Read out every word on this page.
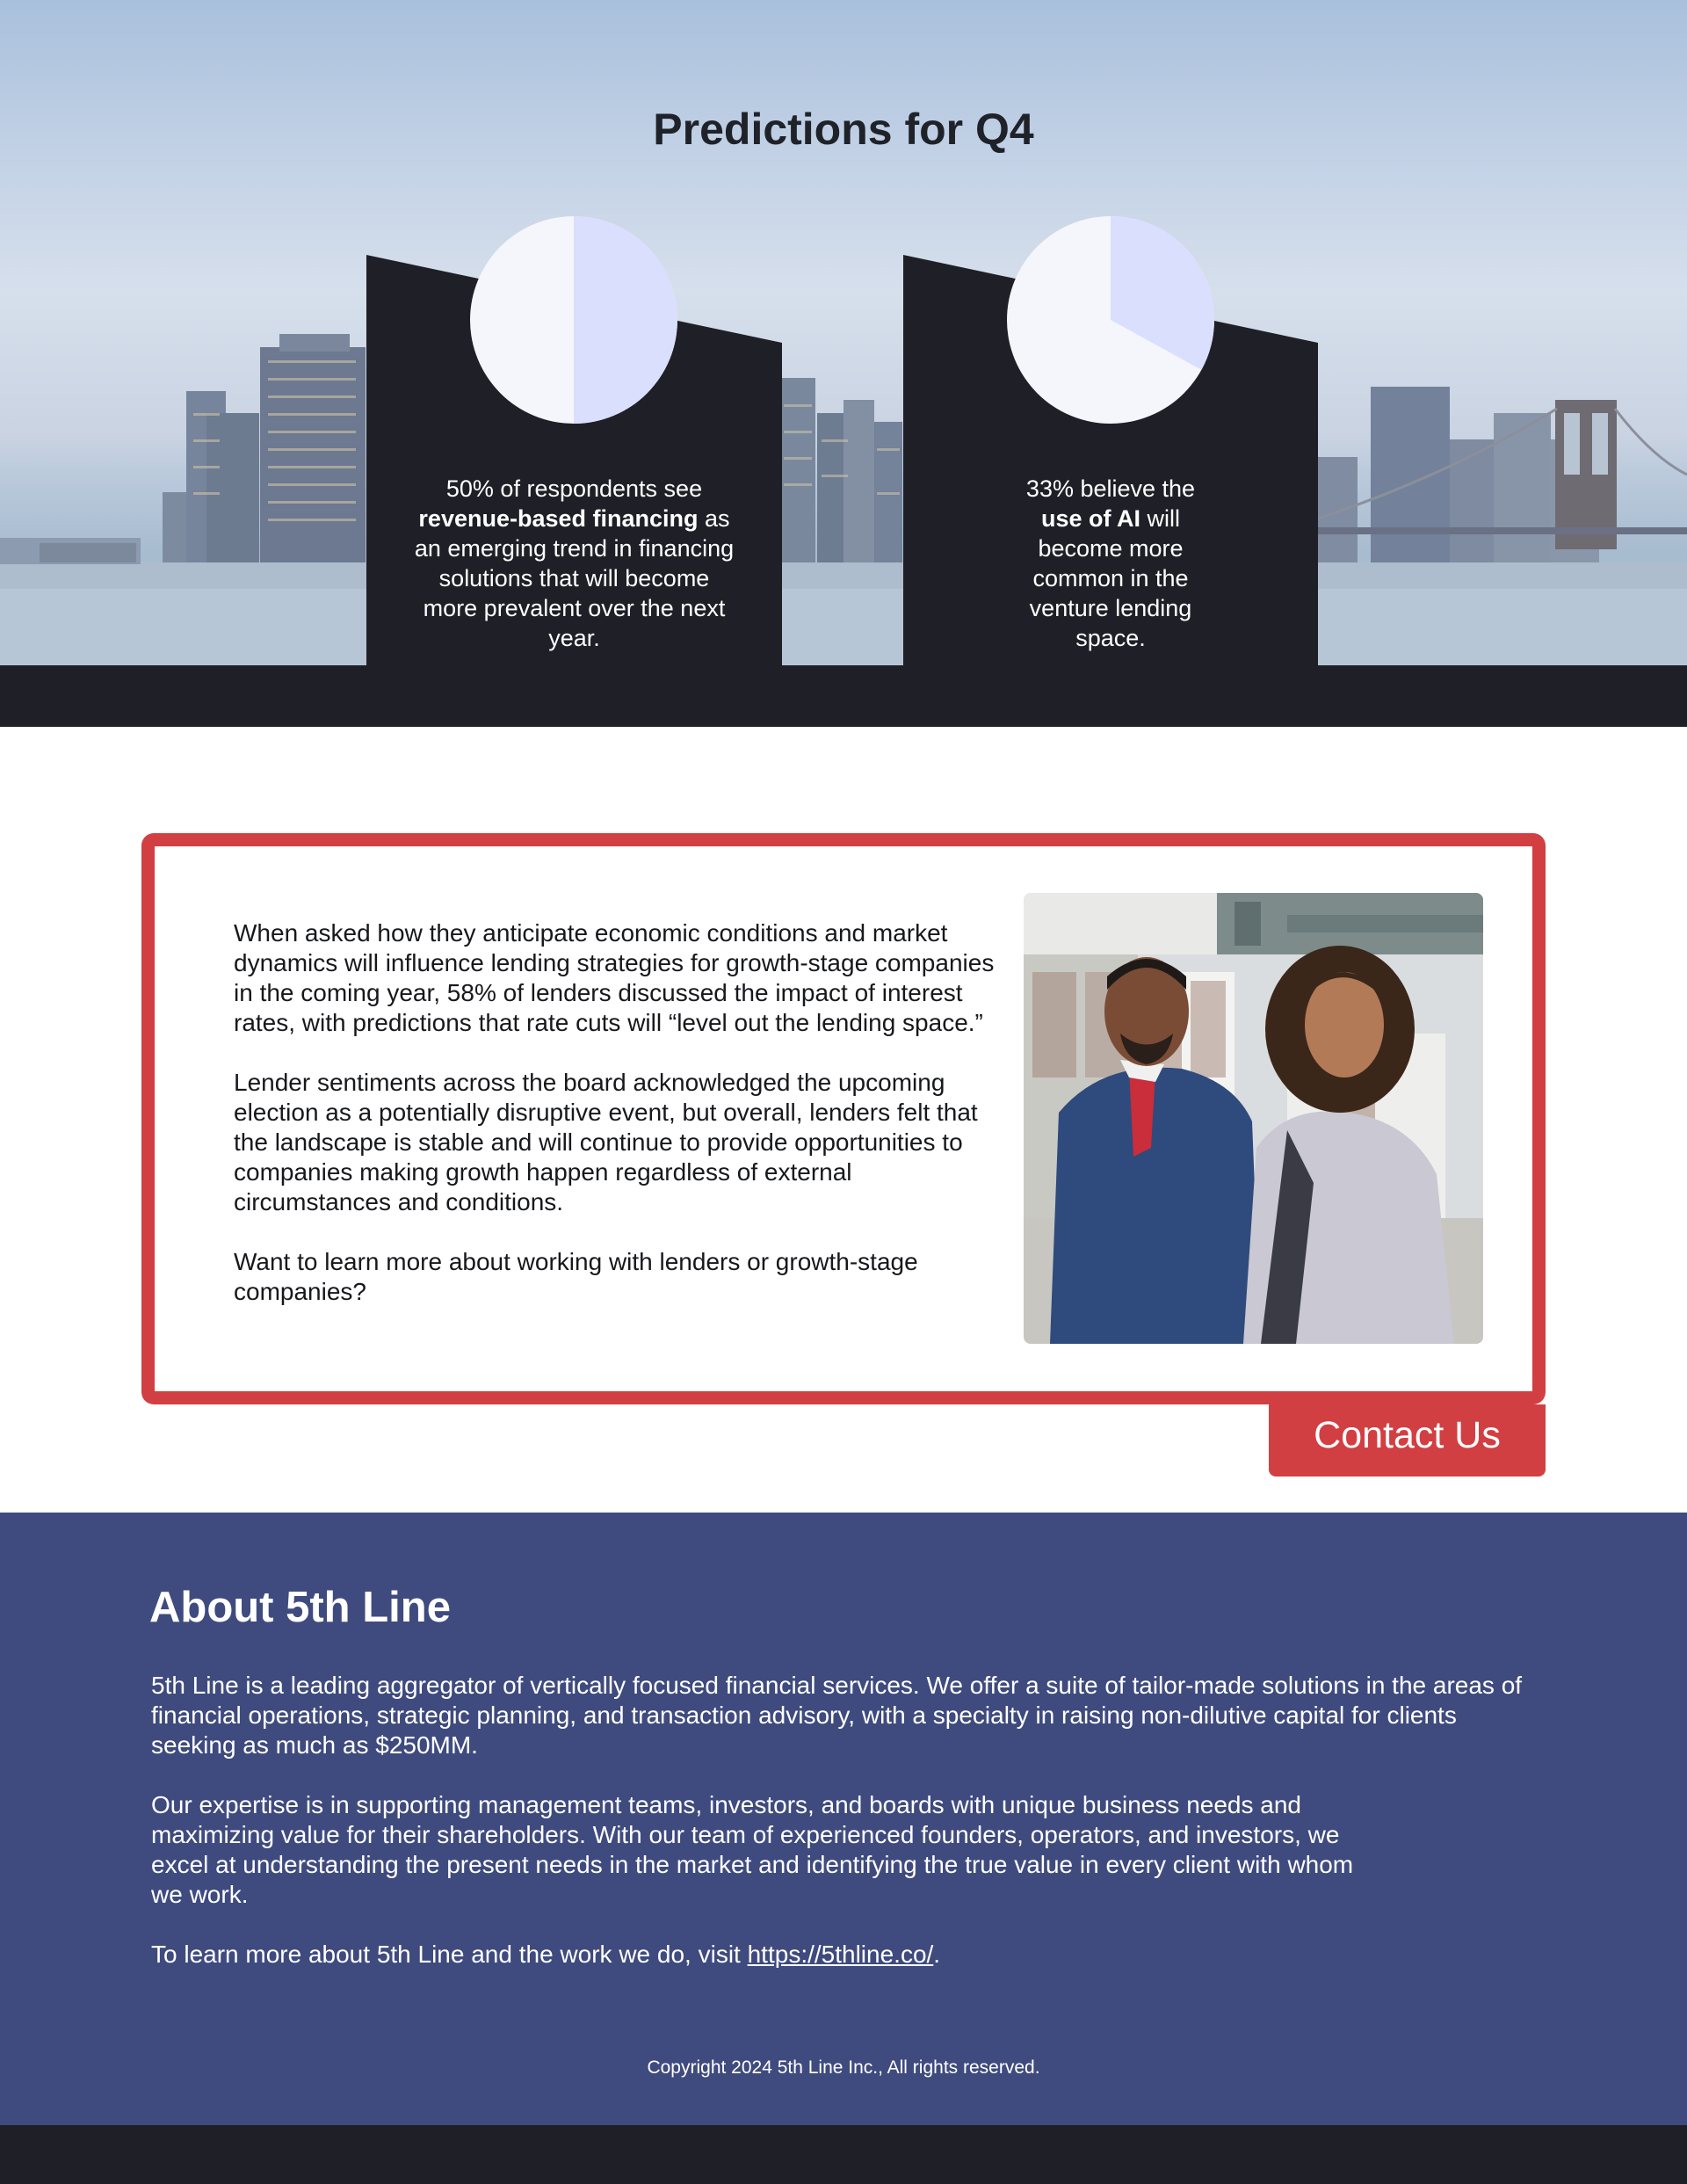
Predictions for Q4
50% of respondents see
revenue-based financing as an emerging trend in financing solutions that will become more prevalent over the next year.
33% believe the
use of AI will become more common in the venture lending space.

When asked how they anticipate economic conditions and market dynamics will influence lending strategies for growth-stage companies in the coming year, 58% of lenders discussed the impact of interest rates, with predictions that rate cuts will “level out the lending space.”

Lender sentiments across the board acknowledged the upcoming election as a potentially disruptive event, but overall, lenders felt that the landscape is stable and will continue to provide opportunities to companies making growth happen regardless of external circumstances and conditions.

Want to learn more about working with lenders or growth-stage companies?

Contact Us
About 5th Line

5th Line is a leading aggregator of vertically focused financial services. We offer a suite of tailor-made solutions in the areas of financial operations, strategic planning, and transaction advisory, with a specialty in raising non-dilutive capital for clients seeking as much as $250MM.

Our expertise is in supporting management teams, investors, and boards with unique business needs and maximizing value for their shareholders. With our team of experienced founders, operators, and investors, we excel at understanding the present needs in the market and identifying the true value in every client with whom we work.

To learn more about 5th Line and the work we do, visit https://5thline.co/.

Copyright 2024 5th Line Inc., All rights reserved.
